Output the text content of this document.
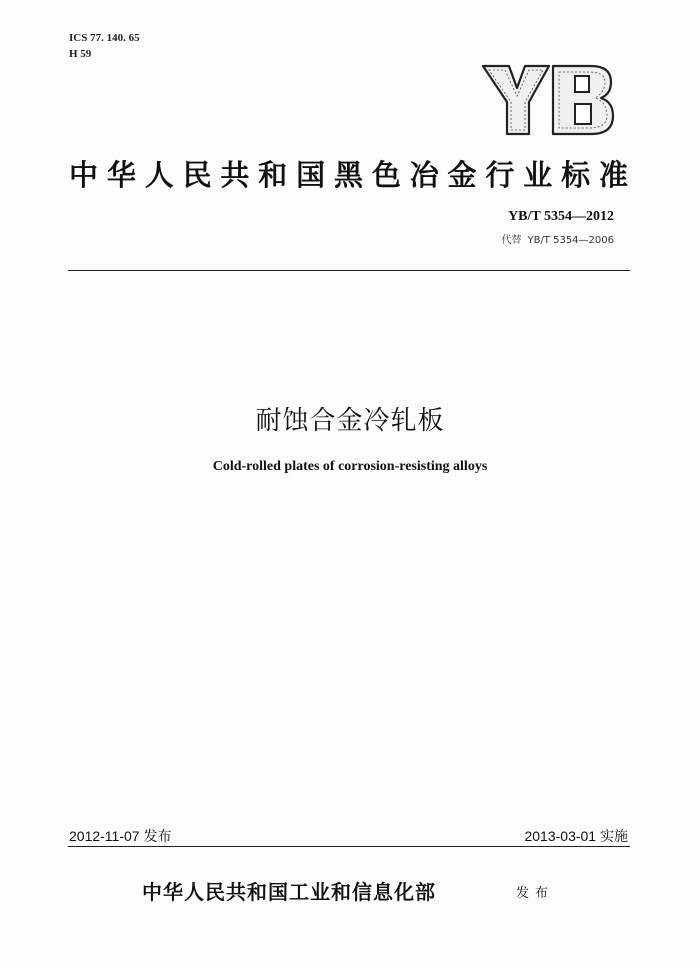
ICS 77. 140. 65
H 59
中华人民共和国黑色冶金行业标准
YB/T 5354—2012
代替 YB/T 5354—2006
耐蚀合金冷轧板
Cold-rolled plates of corrosion-resisting alloys
2012-11-07 发布	2013-03-01 实施
中华人民共和国工业和信息化部	发布
